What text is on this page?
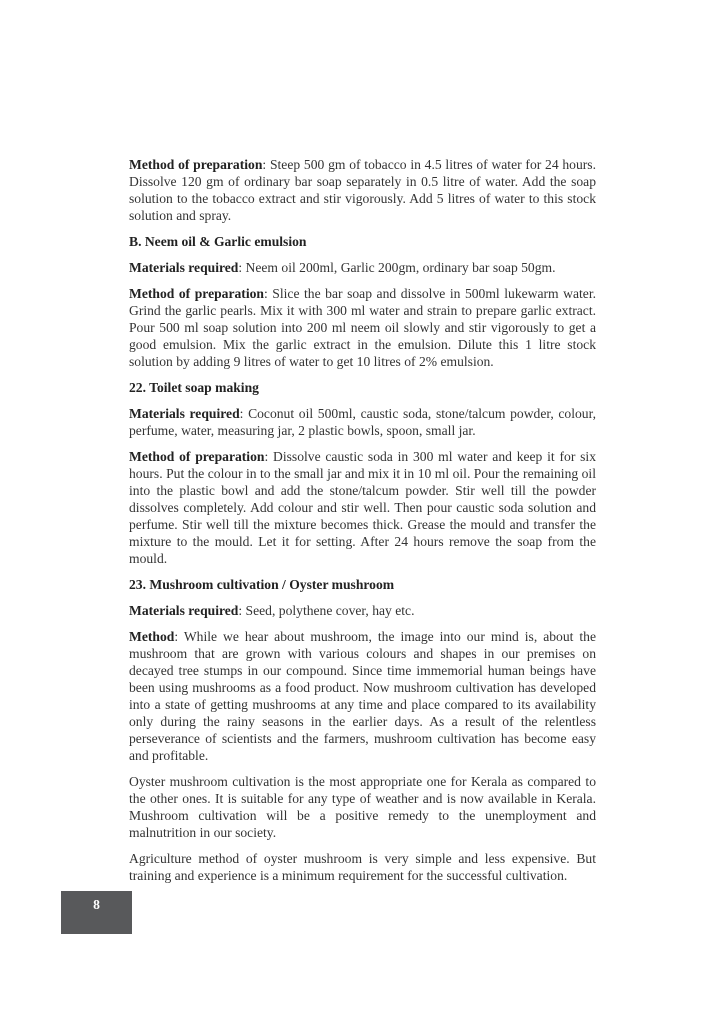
Method of preparation: Steep 500 gm of tobacco in 4.5 litres of water for 24 hours. Dissolve 120 gm of ordinary bar soap separately in 0.5 litre of water. Add the soap solution to the tobacco extract and stir vigorously. Add 5 litres of water to this stock solution and spray.

B. Neem oil & Garlic emulsion

Materials required: Neem oil 200ml, Garlic 200gm, ordinary bar soap 50gm.

Method of preparation: Slice the bar soap and dissolve in 500ml lukewarm water. Grind the garlic pearls. Mix it with 300 ml water and strain to prepare garlic extract. Pour 500 ml soap solution into 200 ml neem oil slowly and stir vigorously to get a good emulsion. Mix the garlic extract in the emulsion. Dilute this 1 litre stock solution by adding 9 litres of water to get 10 litres of 2% emulsion.

22. Toilet soap making

Materials required: Coconut oil 500ml, caustic soda, stone/talcum powder, colour, perfume, water, measuring jar, 2 plastic bowls, spoon, small jar.

Method of preparation: Dissolve caustic soda in 300 ml water and keep it for six hours. Put the colour in to the small jar and mix it in 10 ml oil. Pour the remaining oil into the plastic bowl and add the stone/talcum powder. Stir well till the powder dissolves completely. Add colour and stir well. Then pour caustic soda solution and perfume. Stir well till the mixture becomes thick. Grease the mould and transfer the mixture to the mould. Let it for setting. After 24 hours remove the soap from the mould.

23. Mushroom cultivation / Oyster mushroom

Materials required: Seed, polythene cover, hay etc.

Method: While we hear about mushroom, the image into our mind is, about the mushroom that are grown with various colours and shapes in our premises on decayed tree stumps in our compound. Since time immemorial human beings have been using mushrooms as a food product. Now mushroom cultivation has developed into a state of getting mushrooms at any time and place compared to its availability only during the rainy seasons in the earlier days. As a result of the relentless perseverance of scientists and the farmers, mushroom cultivation has become easy and profitable.

Oyster mushroom cultivation is the most appropriate one for Kerala as compared to the other ones. It is suitable for any type of weather and is now available in Kerala. Mushroom cultivation will be a positive remedy to the unemployment and malnutrition in our society.

Agriculture method of oyster mushroom is very simple and less expensive. But training and experience is a minimum requirement for the successful cultivation.

8
